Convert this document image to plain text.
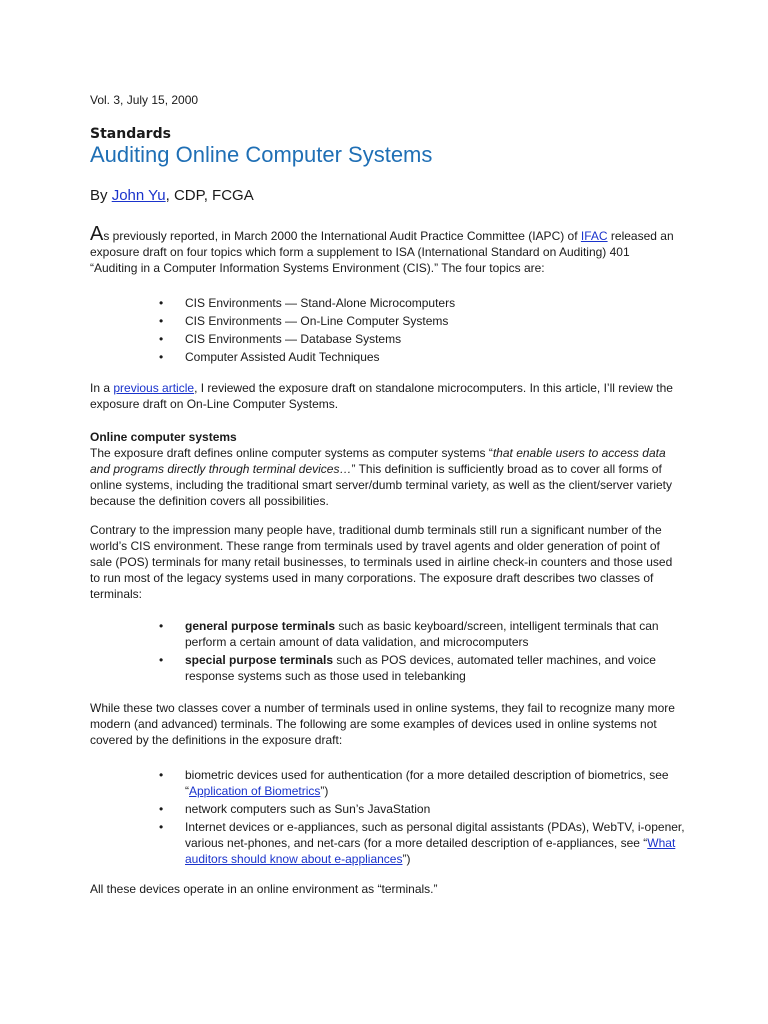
Vol. 3, July 15, 2000
Standards
Auditing Online Computer Systems
By John Yu, CDP, FCGA
As previously reported, in March 2000 the International Audit Practice Committee (IAPC) of IFAC released an exposure draft on four topics which form a supplement to ISA (International Standard on Auditing) 401 “Auditing in a Computer Information Systems Environment (CIS).” The four topics are:
• CIS Environments — Stand-Alone Microcomputers
• CIS Environments — On-Line Computer Systems
• CIS Environments — Database Systems
• Computer Assisted Audit Techniques
In a previous article, I reviewed the exposure draft on standalone microcomputers. In this article, I’ll review the exposure draft on On-Line Computer Systems.
Online computer systems
The exposure draft defines online computer systems as computer systems “that enable users to access data and programs directly through terminal devices…” This definition is sufficiently broad as to cover all forms of online systems, including the traditional smart server/dumb terminal variety, as well as the client/server variety because the definition covers all possibilities.
Contrary to the impression many people have, traditional dumb terminals still run a significant number of the world’s CIS environment. These range from terminals used by travel agents and older generation of point of sale (POS) terminals for many retail businesses, to terminals used in airline check-in counters and those used to run most of the legacy systems used in many corporations. The exposure draft describes two classes of terminals:
• general purpose terminals such as basic keyboard/screen, intelligent terminals that can perform a certain amount of data validation, and microcomputers
• special purpose terminals such as POS devices, automated teller machines, and voice response systems such as those used in telebanking
While these two classes cover a number of terminals used in online systems, they fail to recognize many more modern (and advanced) terminals. The following are some examples of devices used in online systems not covered by the definitions in the exposure draft:
• biometric devices used for authentication (for a more detailed description of biometrics, see “Application of Biometrics”)
• network computers such as Sun’s JavaStation
• Internet devices or e-appliances, such as personal digital assistants (PDAs), WebTV, i-opener, various net-phones, and net-cars (for a more detailed description of e-appliances, see “What auditors should know about e-appliances”)
All these devices operate in an online environment as “terminals.”
